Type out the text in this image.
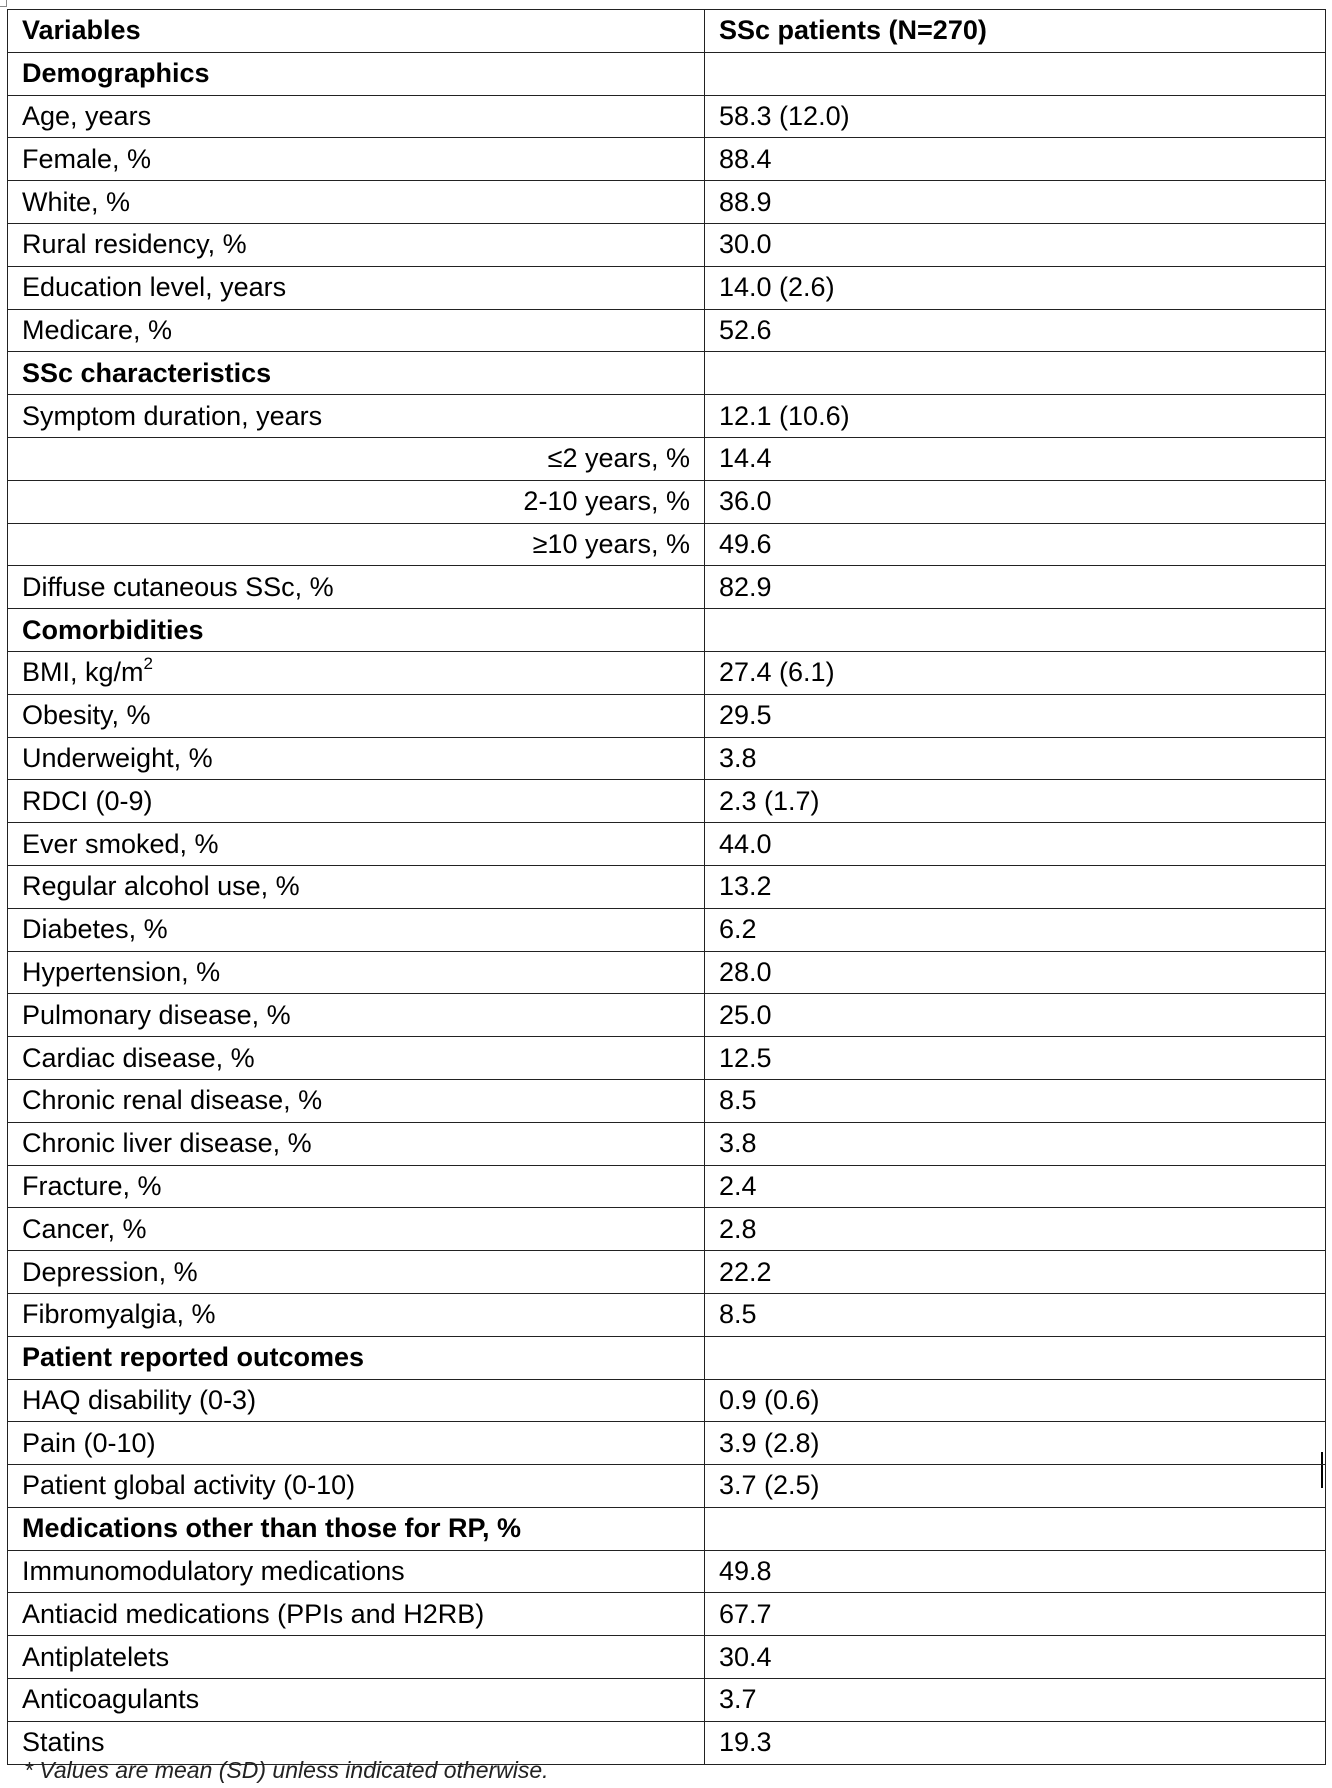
Variables	SSc patients (N=270)
Demographics	
Age, years	58.3 (12.0)
Female, %	88.4
White, %	88.9
Rural residency, %	30.0
Education level, years	14.0 (2.6)
Medicare, %	52.6
SSc characteristics	
Symptom duration, years	12.1 (10.6)
≤2 years, %	14.4
2-10 years, %	36.0
≥10 years, %	49.6
Diffuse cutaneous SSc, %	82.9
Comorbidities	
BMI, $kg/m^2$	27.4 (6.1)
Obesity, %	29.5
Underweight, %	3.8
RDCI (0-9)	2.3 (1.7)
Ever smoked, %	44.0
Regular alcohol use, %	13.2
Diabetes, %	6.2
Hypertension, %	28.0
Pulmonary disease, %	25.0
Cardiac disease, %	12.5
Chronic renal disease, %	8.5
Chronic liver disease, %	3.8
Fracture, %	2.4
Cancer, %	2.8
Depression, %	22.2
Fibromyalgia, %	8.5
Patient reported outcomes	
HAQ disability (0-3)	0.9 (0.6)
Pain (0-10)	3.9 (2.8)
Patient global activity (0-10)	3.7 (2.5)
Medications other than those for RP, %	
Immunomodulatory medications	49.8
Antiacid medications (PPIs and H2RB)	67.7
Antiplatelets	30.4
Anticoagulants	3.7
Statins	19.3
* Values are mean (SD) unless indicated otherwise.
